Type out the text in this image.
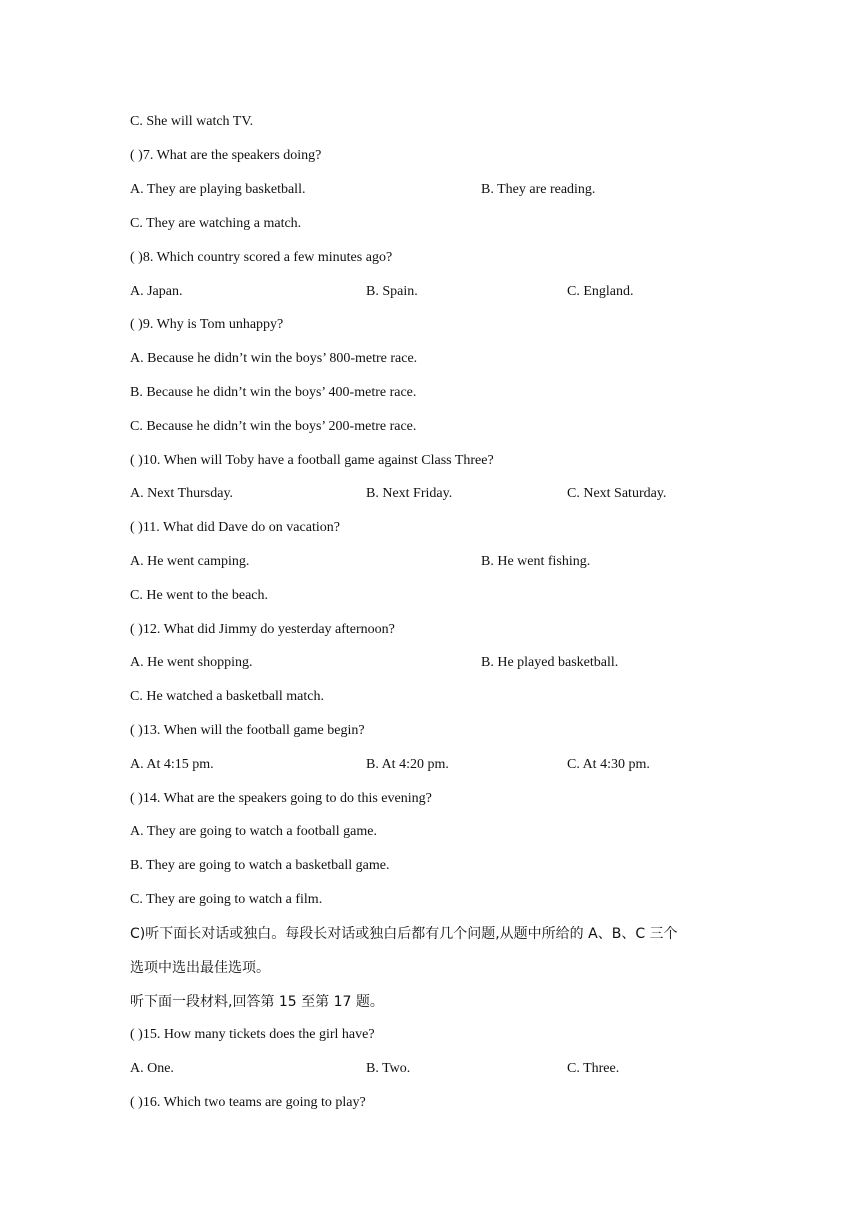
C. She will watch TV.
( )7. What are the speakers doing?
A. They are playing basketball.	B. They are reading.
C. They are watching a match.
( )8. Which country scored a few minutes ago?
A. Japan.	B. Spain.	C. England.
( )9. Why is Tom unhappy?
A. Because he didn’t win the boys’ 800-metre race.
B. Because he didn’t win the boys’ 400-metre race.
C. Because he didn’t win the boys’ 200-metre race.
( )10. When will Toby have a football game against Class Three?
A. Next Thursday.	B. Next Friday.	C. Next Saturday.
( )11. What did Dave do on vacation?
A. He went camping.	B. He went fishing.
C. He went to the beach.
( )12. What did Jimmy do yesterday afternoon?
A. He went shopping.	B. He played basketball.
C. He watched a basketball match.
( )13. When will the football game begin?
A. At 4:15 pm.	B. At 4:20 pm.	C. At 4:30 pm.
( )14. What are the speakers going to do this evening?
A. They are going to watch a football game.
B. They are going to watch a basketball game.
C. They are going to watch a film.
C)听下面长对话或独白。每段长对话或独白后都有几个问题,从题中所给的 A、B、C 三个
选项中选出最佳选项。
听下面一段材料,回答第 15 至第 17 题。
( )15. How many tickets does the girl have?
A. One.	B. Two.	C. Three.
( )16. Which two teams are going to play?
